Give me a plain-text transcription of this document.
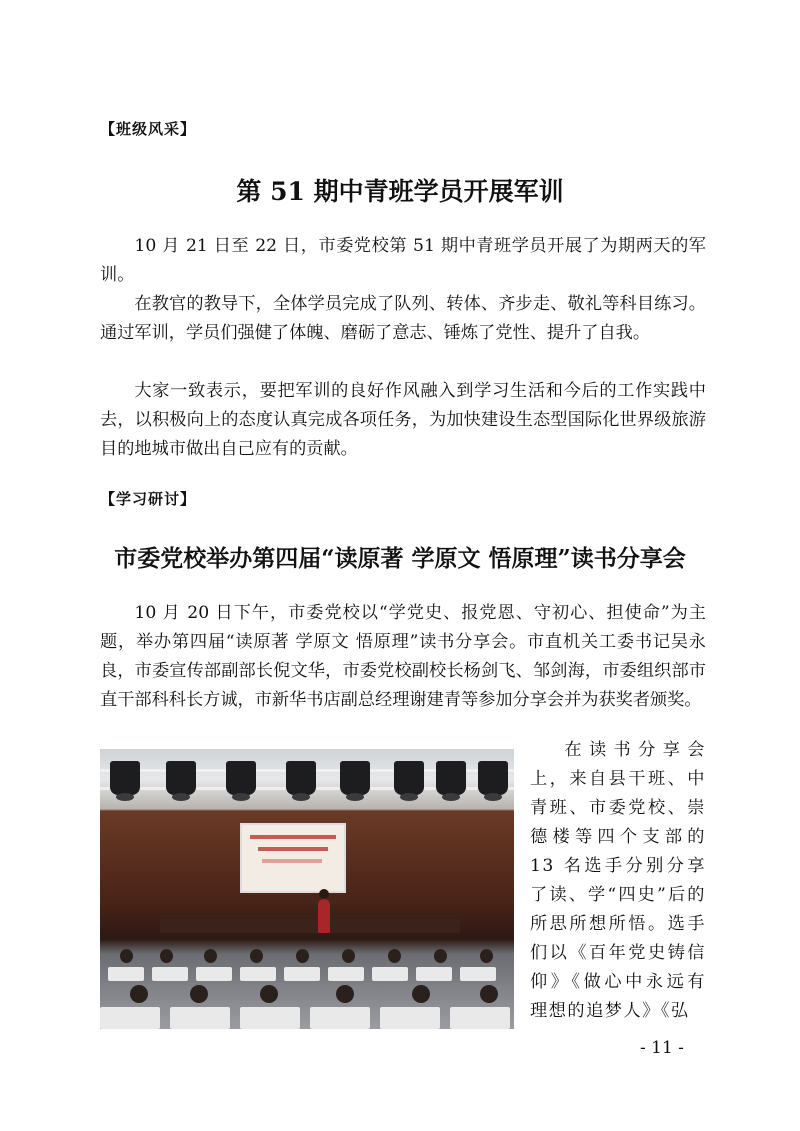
【班级风采】
第 51 期中青班学员开展军训

10 月 21 日至 22 日，市委党校第 51 期中青班学员开展了为期两天的军训。

在教官的教导下，全体学员完成了队列、转体、齐步走、敬礼等科目练习。通过军训，学员们强健了体魄、磨砺了意志、锤炼了党性、提升了自我。

大家一致表示，要把军训的良好作风融入到学习生活和今后的工作实践中去，以积极向上的态度认真完成各项任务，为加快建设生态型国际化世界级旅游目的地城市做出自己应有的贡献。

【学习研讨】
市委党校举办第四届“读原著 学原文 悟原理”读书分享会

10 月 20 日下午，市委党校以“学党史、报党恩、守初心、担使命”为主题，举办第四届“读原著 学原文 悟原理”读书分享会。市直机关工委书记吴永良，市委宣传部副部长倪文华，市委党校副校长杨剑飞、邹剑海，市委组织部市直干部科科长方诚，市新华书店副总经理谢建青等参加分享会并为获奖者颁奖。

在读书分享会上，来自县干班、中青班、市委党校、崇德楼等四个支部的 13 名选手分别分享了读、学“四史”后的所思所想所悟。选手们以《百年党史铸信仰》《做心中永远有理想的追梦人》《弘

- 11 -
